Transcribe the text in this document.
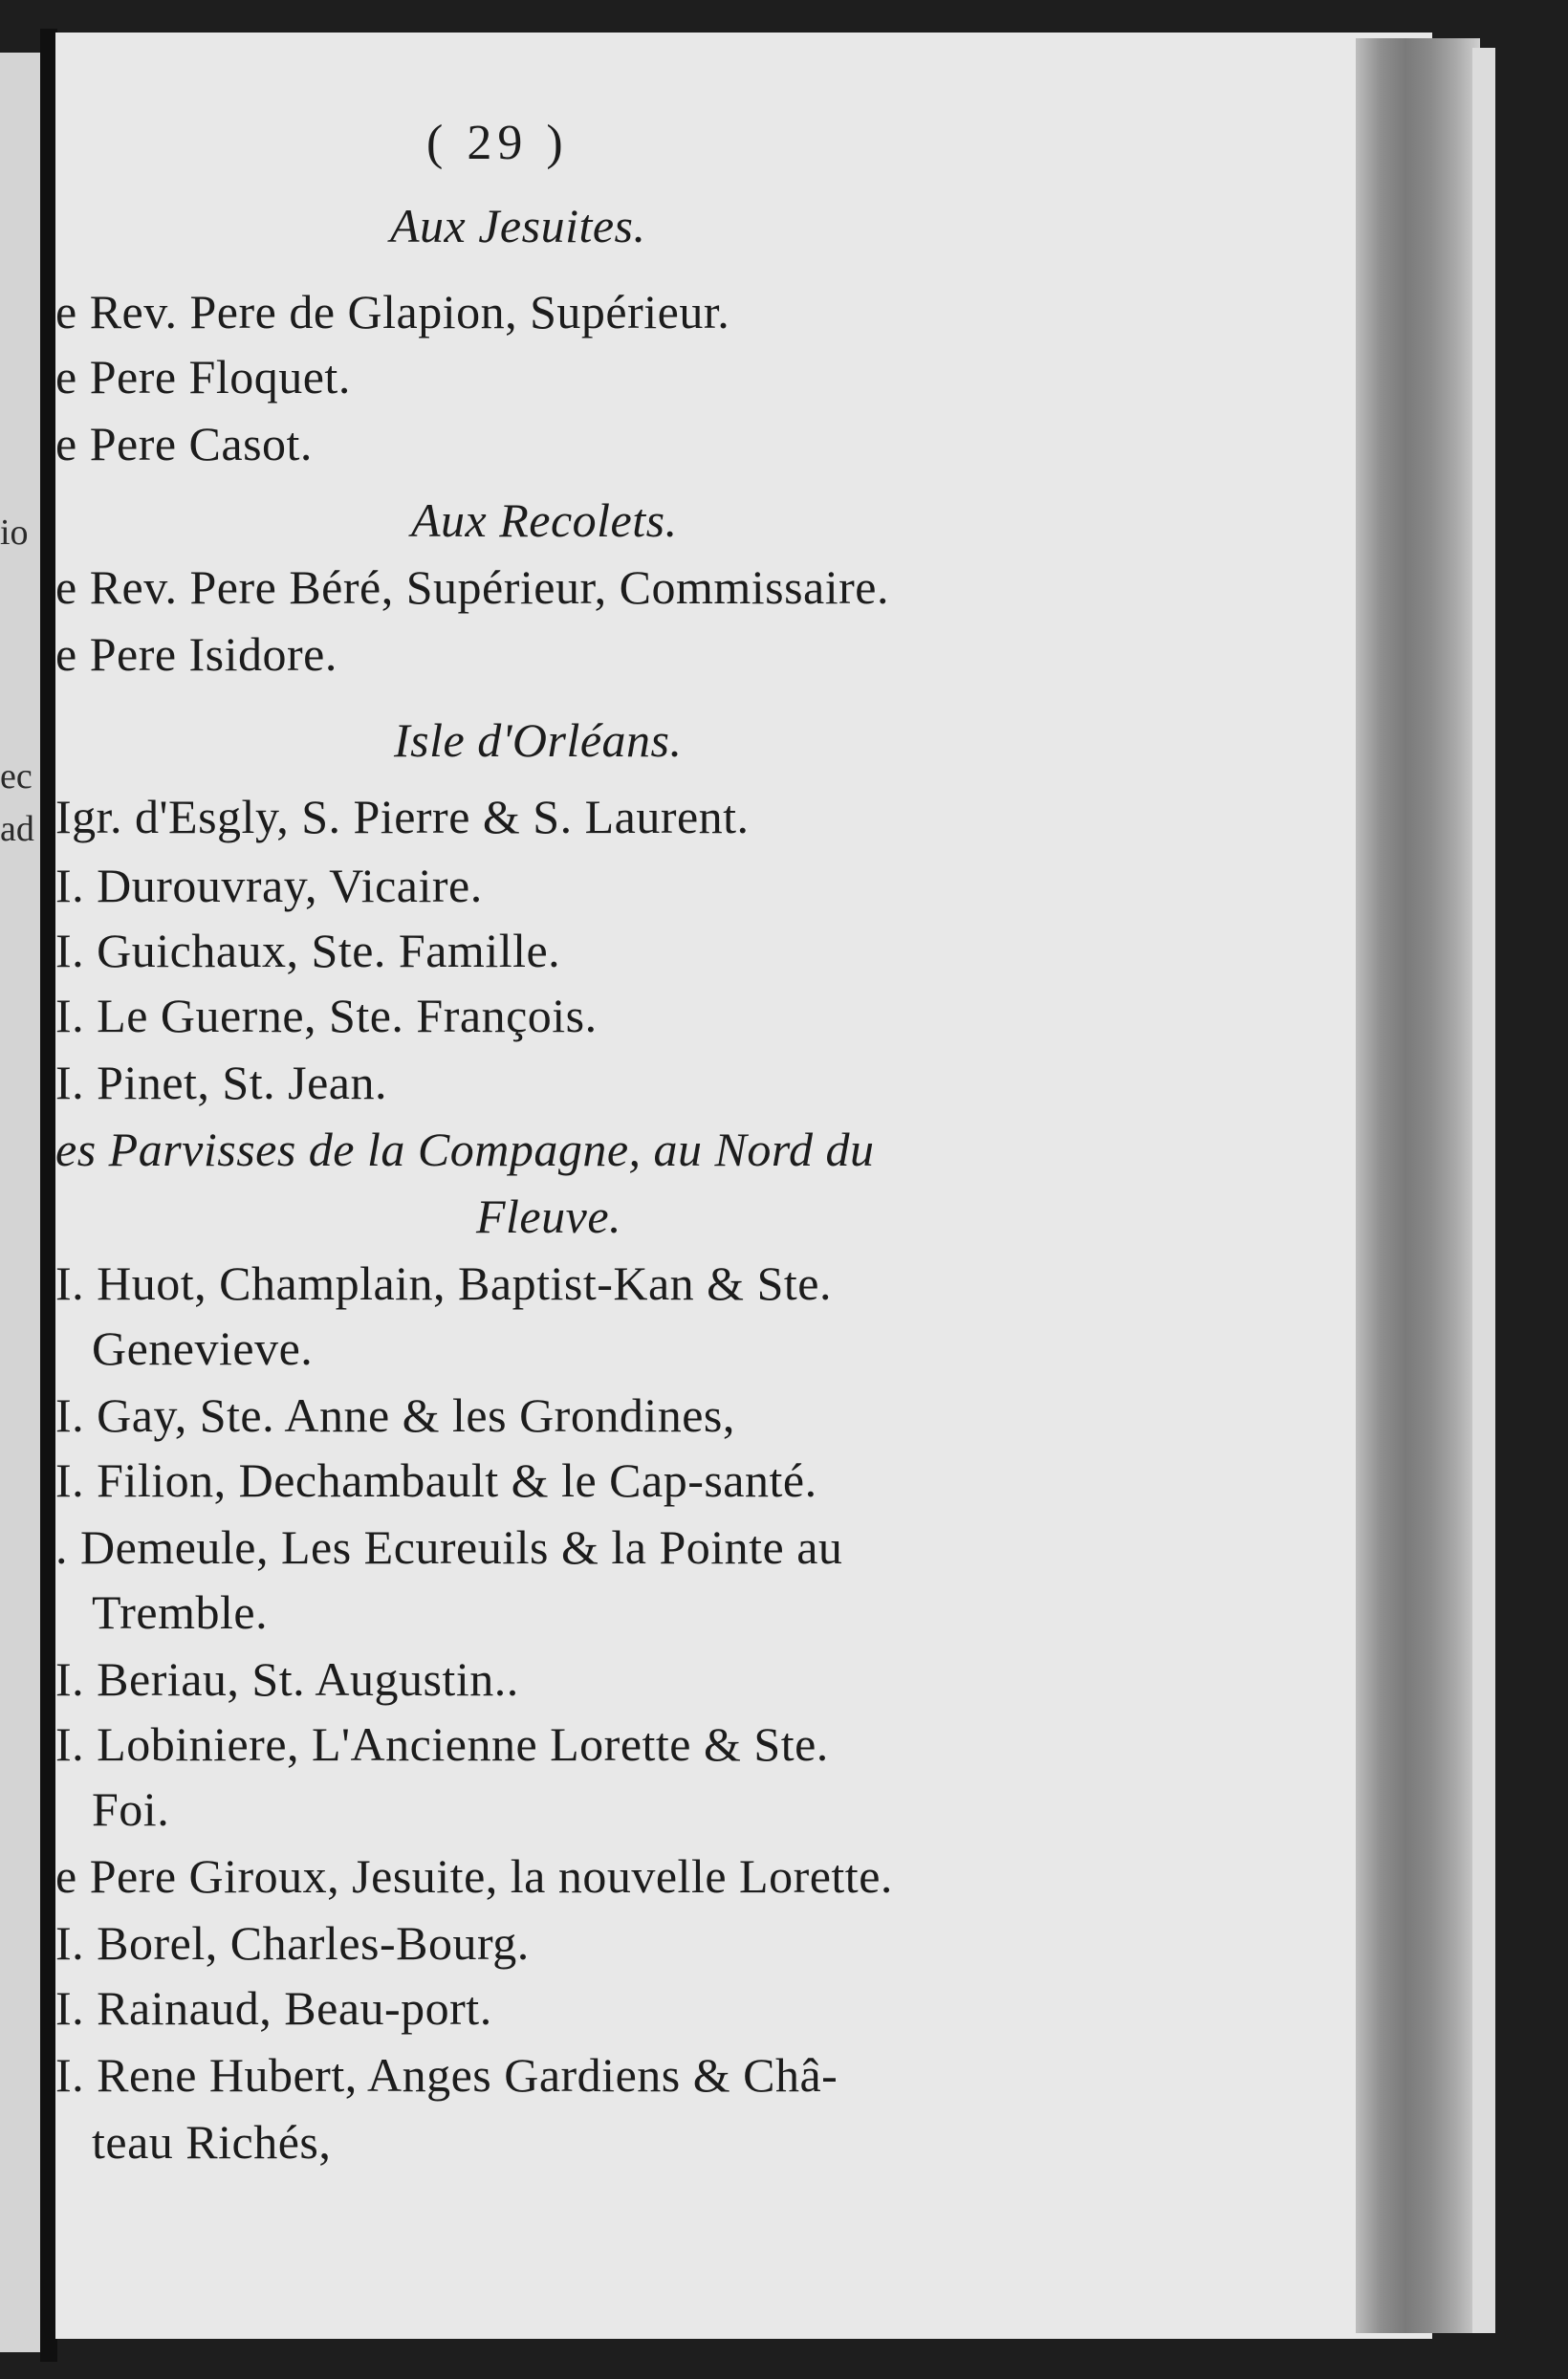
io
ec
ad
( 29 )
Aux Jesuites.
e Rev. Pere de Glapion, Supérieur.
e Pere Floquet.
e Pere Casot.
Aux Recolets.
e Rev. Pere Béré, Supérieur, Commissaire.
e Pere Isidore.
Isle d'Orléans.
Igr. d'Esgly, S. Pierre & S. Laurent.
I. Durouvray, Vicaire.
I. Guichaux, Ste. Famille.
I. Le Guerne, Ste. François.
I. Pinet, St. Jean.
es Parvisses de la Compagne, au Nord du
Fleuve.
I. Huot, Champlain, Baptist-Kan & Ste.
Genevieve.
I. Gay, Ste. Anne & les Grondines,
I. Filion, Dechambault & le Cap-santé.
. Demeule, Les Ecureuils & la Pointe au
Tremble.
I. Beriau, St. Augustin..
I. Lobiniere, L'Ancienne Lorette & Ste.
Foi.
e Pere Giroux, Jesuite, la nouvelle Lorette.
I. Borel, Charles-Bourg.
I. Rainaud, Beau-port.
I. Rene Hubert, Anges Gardiens & Châ-
teau Richés,
